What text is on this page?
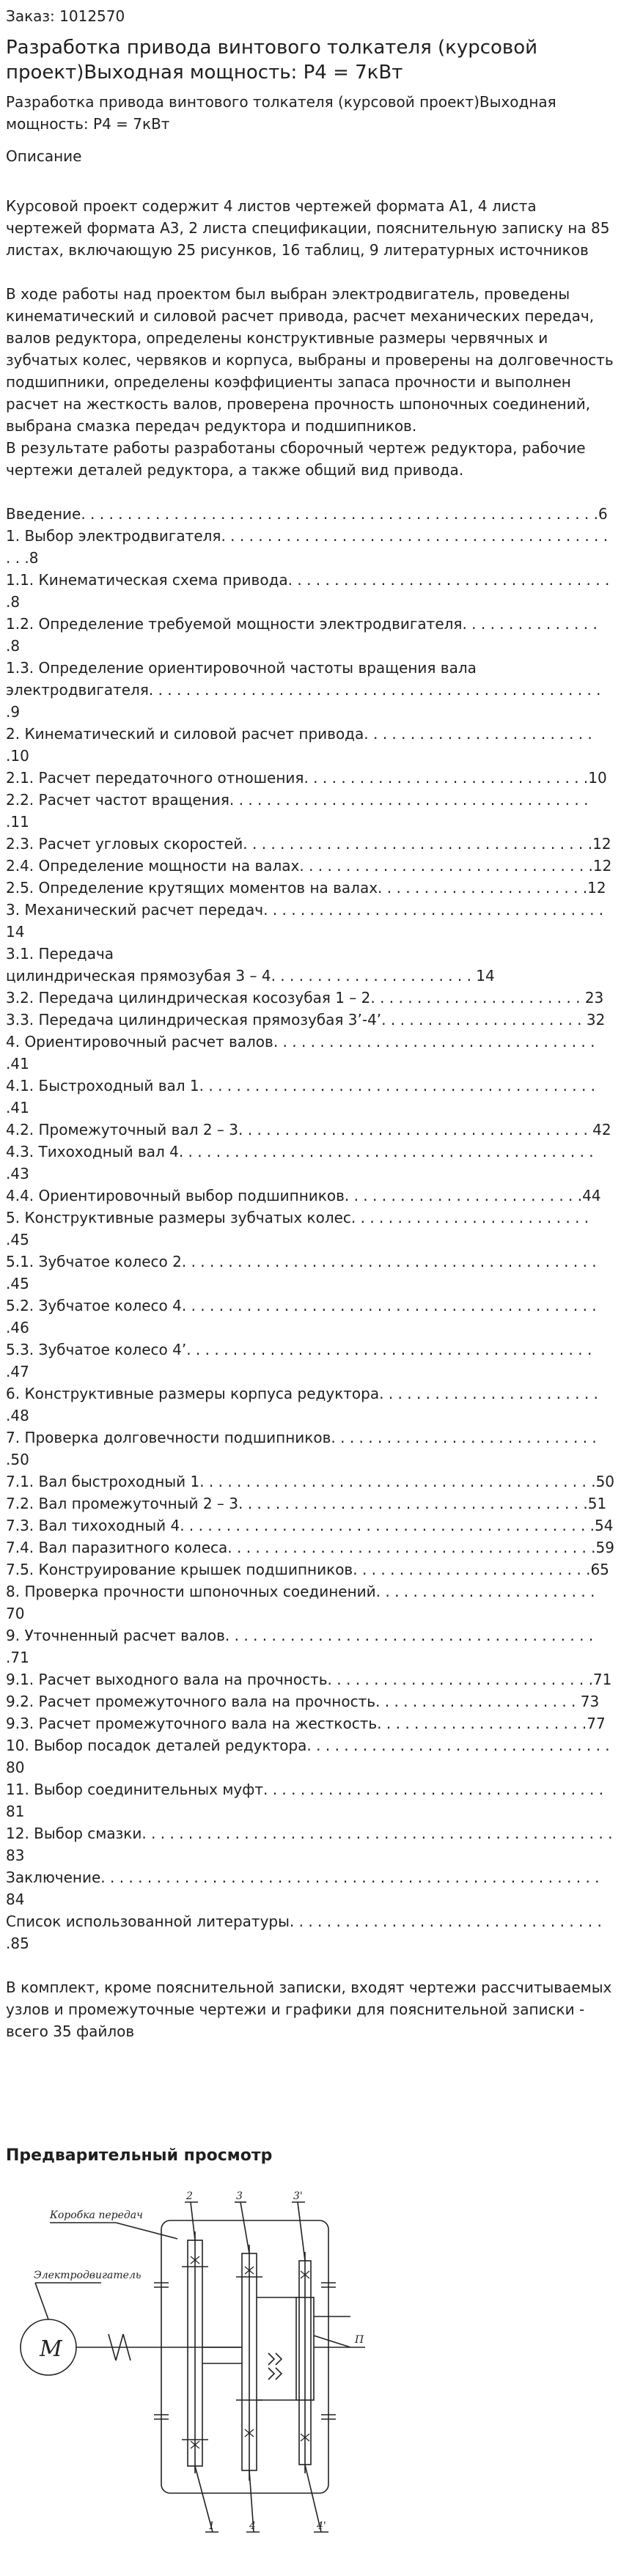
Заказ: 1012570
Разработка привода винтового толкателя (курсовой проект)Выходная мощность: Р4 = 7кВт

Разработка привода винтового толкателя (курсовой проект)Выходная мощность: Р4 = 7кВт

Описание

Курсовой проект содержит 4 листов чертежей формата А1, 4 листа чертежей формата А3, 2 листа спецификации, пояснительную записку на 85 листах, включающую 25 рисунков, 16 таблиц, 9 литературных источников

В ходе работы над проектом был выбран электродвигатель, проведены кинематический и силовой расчет привода, расчет механических передач, валов редуктора, определены конструктивные размеры червячных и зубчатых колес, червяков и корпуса, выбраны и проверены на долговечность подшипники, определены коэффициенты запаса прочности и выполнен расчет на жесткость валов, проверена прочность шпоночных соединений, выбрана смазка передач редуктора и подшипников.

В результате работы разработаны сборочный чертеж редуктора, рабочие чертежи деталей редуктора, а также общий вид привода.

Введение. . . . . . . . . . . . . . . . . . . . . . . . . . . . . . . . . . . . . . . . . . . . . . . . . . . . . . . .6
1. Выбор электродвигателя. . . . . . . . . . . . . . . . . . . . . . . . . . . . . . . . . . . . . . . . . . . . .8
1.1. Кинематическая схема привода. . . . . . . . . . . . . . . . . . . . . . . . . . . . . . . . . . . .8
1.2. Определение требуемой мощности электродвигателя. . . . . . . . . . . . . . . .8
1.3. Определение ориентировочной частоты вращения вала электродвигателя. . . . . . . . . . . . . . . . . . . . . . . . . . . . . . . . . . . . . . . . . . . . . . . . . .9
2. Кинематический и силовой расчет привода. . . . . . . . . . . . . . . . . . . . . . . . . .10
2.1. Расчет передаточного отношения. . . . . . . . . . . . . . . . . . . . . . . . . . . . . . .10
2.2. Расчет частот вращения. . . . . . . . . . . . . . . . . . . . . . . . . . . . . . . . . . . . . . . .11
2.3. Расчет угловых скоростей. . . . . . . . . . . . . . . . . . . . . . . . . . . . . . . . . . . . . .12
2.4. Определение мощности на валах. . . . . . . . . . . . . . . . . . . . . . . . . . . . . . . .12
2.5. Определение крутящих моментов на валах. . . . . . . . . . . . . . . . . . . . . . .12
3. Механический расчет передач. . . . . . . . . . . . . . . . . . . . . . . . . . . . . . . . . . . . . 14
3.1. Передача
цилиндрическая прямозубая 3 – 4. . . . . . . . . . . . . . . . . . . . . . 14
3.2. Передача цилиндрическая косозубая 1 – 2. . . . . . . . . . . . . . . . . . . . . . . 23
3.3. Передача цилиндрическая прямозубая 3’-4’. . . . . . . . . . . . . . . . . . . . . . 32
4. Ориентировочный расчет валов. . . . . . . . . . . . . . . . . . . . . . . . . . . . . . . . . . . .41
4.1. Быстроходный вал 1. . . . . . . . . . . . . . . . . . . . . . . . . . . . . . . . . . . . . . . . . . . .41
4.2. Промежуточный вал 2 – 3. . . . . . . . . . . . . . . . . . . . . . . . . . . . . . . . . . . . . . 42
4.3. Тихоходный вал 4. . . . . . . . . . . . . . . . . . . . . . . . . . . . . . . . . . . . . . . . . . . . . .43
4.4. Ориентировочный выбор подшипников. . . . . . . . . . . . . . . . . . . . . . . . . .44
5. Конструктивные размеры зубчатых колес. . . . . . . . . . . . . . . . . . . . . . . . . . .45
5.1. Зубчатое колесо 2. . . . . . . . . . . . . . . . . . . . . . . . . . . . . . . . . . . . . . . . . . . . . .45
5.2. Зубчатое колесо 4. . . . . . . . . . . . . . . . . . . . . . . . . . . . . . . . . . . . . . . . . . . . . .46
5.3. Зубчатое колесо 4’. . . . . . . . . . . . . . . . . . . . . . . . . . . . . . . . . . . . . . . . . . . . .47
6. Конструктивные размеры корпуса редуктора. . . . . . . . . . . . . . . . . . . . . . . . .48
7. Проверка долговечности подшипников. . . . . . . . . . . . . . . . . . . . . . . . . . . . . .50
7.1. Вал быстроходный 1. . . . . . . . . . . . . . . . . . . . . . . . . . . . . . . . . . . . . . . . . . .50
7.2. Вал промежуточный 2 – 3. . . . . . . . . . . . . . . . . . . . . . . . . . . . . . . . . . . . . .51
7.3. Вал тихоходный 4. . . . . . . . . . . . . . . . . . . . . . . . . . . . . . . . . . . . . . . . . . . . .54
7.4. Вал паразитного колеса. . . . . . . . . . . . . . . . . . . . . . . . . . . . . . . . . . . . . . . .59
7.5. Конструирование крышек подшипников. . . . . . . . . . . . . . . . . . . . . . . . . .65
8. Проверка прочности шпоночных соединений. . . . . . . . . . . . . . . . . . . . . . . . 70
9. Уточненный расчет валов. . . . . . . . . . . . . . . . . . . . . . . . . . . . . . . . . . . . . . . . .71
9.1. Расчет выходного вала на прочность. . . . . . . . . . . . . . . . . . . . . . . . . . . . .71
9.2. Расчет промежуточного вала на прочность. . . . . . . . . . . . . . . . . . . . . . 73
9.3. Расчет промежуточного вала на жесткость. . . . . . . . . . . . . . . . . . . . . . .77
10. Выбор посадок деталей редуктора. . . . . . . . . . . . . . . . . . . . . . . . . . . . . . . . . 80
11. Выбор соединительных муфт. . . . . . . . . . . . . . . . . . . . . . . . . . . . . . . . . . . . . 81
12. Выбор смазки. . . . . . . . . . . . . . . . . . . . . . . . . . . . . . . . . . . . . . . . . . . . . . . . . . . 83
Заключение. . . . . . . . . . . . . . . . . . . . . . . . . . . . . . . . . . . . . . . . . . . . . . . . . . . . . . 84
Список использованной литературы. . . . . . . . . . . . . . . . . . . . . . . . . . . . . . . . . . .85

В комплект, кроме пояснительной записки, входят чертежи рассчитываемых узлов и промежуточные чертежи и графики для пояснительной записки - всего 35 файлов

Предварительный просмотр
Коробка передач
Электродвигатель
М
2	3	3'
П
1	4	4'
